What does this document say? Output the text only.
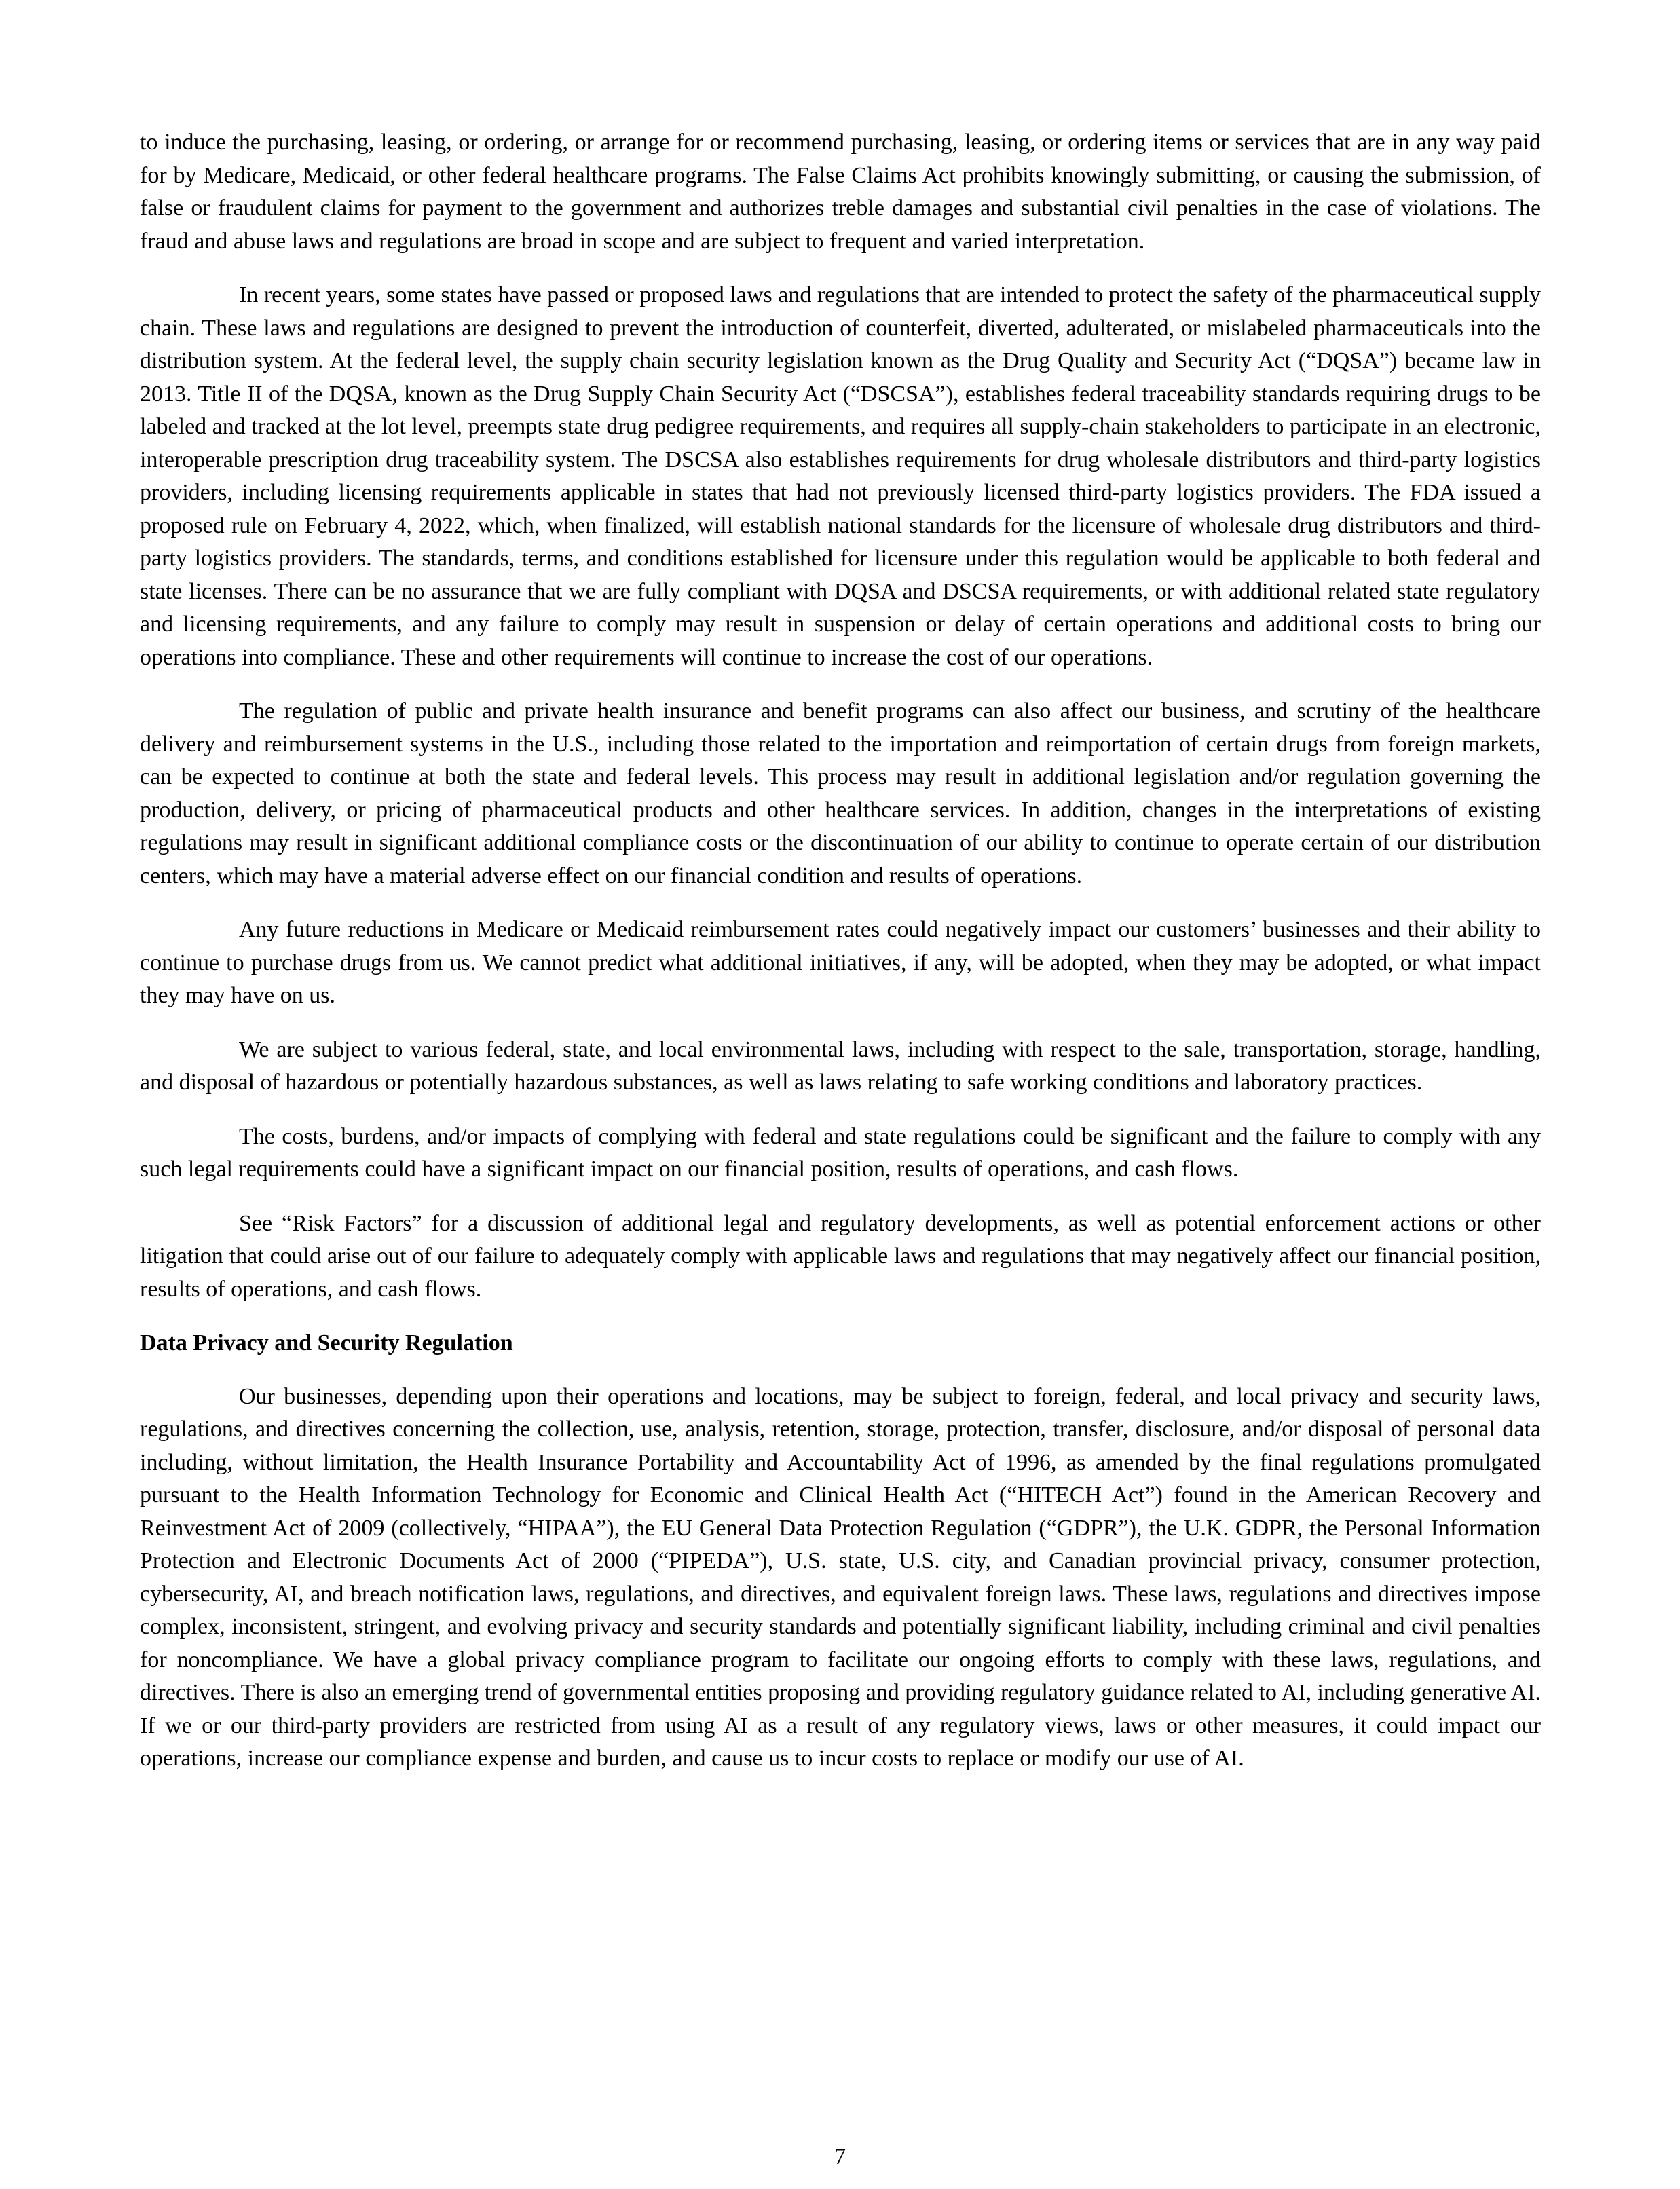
to induce the purchasing, leasing, or ordering, or arrange for or recommend purchasing, leasing, or ordering items or services that are in any way paid for by Medicare, Medicaid, or other federal healthcare programs. The False Claims Act prohibits knowingly submitting, or causing the submission, of false or fraudulent claims for payment to the government and authorizes treble damages and substantial civil penalties in the case of violations. The fraud and abuse laws and regulations are broad in scope and are subject to frequent and varied interpretation.

In recent years, some states have passed or proposed laws and regulations that are intended to protect the safety of the pharmaceutical supply chain. These laws and regulations are designed to prevent the introduction of counterfeit, diverted, adulterated, or mislabeled pharmaceuticals into the distribution system. At the federal level, the supply chain security legislation known as the Drug Quality and Security Act (“DQSA”) became law in 2013. Title II of the DQSA, known as the Drug Supply Chain Security Act (“DSCSA”), establishes federal traceability standards requiring drugs to be labeled and tracked at the lot level, preempts state drug pedigree requirements, and requires all supply-chain stakeholders to participate in an electronic, interoperable prescription drug traceability system. The DSCSA also establishes requirements for drug wholesale distributors and third-party logistics providers, including licensing requirements applicable in states that had not previously licensed third-party logistics providers. The FDA issued a proposed rule on February 4, 2022, which, when finalized, will establish national standards for the licensure of wholesale drug distributors and third-party logistics providers. The standards, terms, and conditions established for licensure under this regulation would be applicable to both federal and state licenses. There can be no assurance that we are fully compliant with DQSA and DSCSA requirements, or with additional related state regulatory and licensing requirements, and any failure to comply may result in suspension or delay of certain operations and additional costs to bring our operations into compliance. These and other requirements will continue to increase the cost of our operations.

The regulation of public and private health insurance and benefit programs can also affect our business, and scrutiny of the healthcare delivery and reimbursement systems in the U.S., including those related to the importation and reimportation of certain drugs from foreign markets, can be expected to continue at both the state and federal levels. This process may result in additional legislation and/or regulation governing the production, delivery, or pricing of pharmaceutical products and other healthcare services. In addition, changes in the interpretations of existing regulations may result in significant additional compliance costs or the discontinuation of our ability to continue to operate certain of our distribution centers, which may have a material adverse effect on our financial condition and results of operations.

Any future reductions in Medicare or Medicaid reimbursement rates could negatively impact our customers’ businesses and their ability to continue to purchase drugs from us. We cannot predict what additional initiatives, if any, will be adopted, when they may be adopted, or what impact they may have on us.

We are subject to various federal, state, and local environmental laws, including with respect to the sale, transportation, storage, handling, and disposal of hazardous or potentially hazardous substances, as well as laws relating to safe working conditions and laboratory practices.

The costs, burdens, and/or impacts of complying with federal and state regulations could be significant and the failure to comply with any such legal requirements could have a significant impact on our financial position, results of operations, and cash flows.

See “Risk Factors” for a discussion of additional legal and regulatory developments, as well as potential enforcement actions or other litigation that could arise out of our failure to adequately comply with applicable laws and regulations that may negatively affect our financial position, results of operations, and cash flows.

Data Privacy and Security Regulation

Our businesses, depending upon their operations and locations, may be subject to foreign, federal, and local privacy and security laws, regulations, and directives concerning the collection, use, analysis, retention, storage, protection, transfer, disclosure, and/or disposal of personal data including, without limitation, the Health Insurance Portability and Accountability Act of 1996, as amended by the final regulations promulgated pursuant to the Health Information Technology for Economic and Clinical Health Act (“HITECH Act”) found in the American Recovery and Reinvestment Act of 2009 (collectively, “HIPAA”), the EU General Data Protection Regulation (“GDPR”), the U.K. GDPR, the Personal Information Protection and Electronic Documents Act of 2000 (“PIPEDA”), U.S. state, U.S. city, and Canadian provincial privacy, consumer protection, cybersecurity, AI, and breach notification laws, regulations, and directives, and equivalent foreign laws. These laws, regulations and directives impose complex, inconsistent, stringent, and evolving privacy and security standards and potentially significant liability, including criminal and civil penalties for noncompliance. We have a global privacy compliance program to facilitate our ongoing efforts to comply with these laws, regulations, and directives. There is also an emerging trend of governmental entities proposing and providing regulatory guidance related to AI, including generative AI. If we or our third-party providers are restricted from using AI as a result of any regulatory views, laws or other measures, it could impact our operations, increase our compliance expense and burden, and cause us to incur costs to replace or modify our use of AI.

7
